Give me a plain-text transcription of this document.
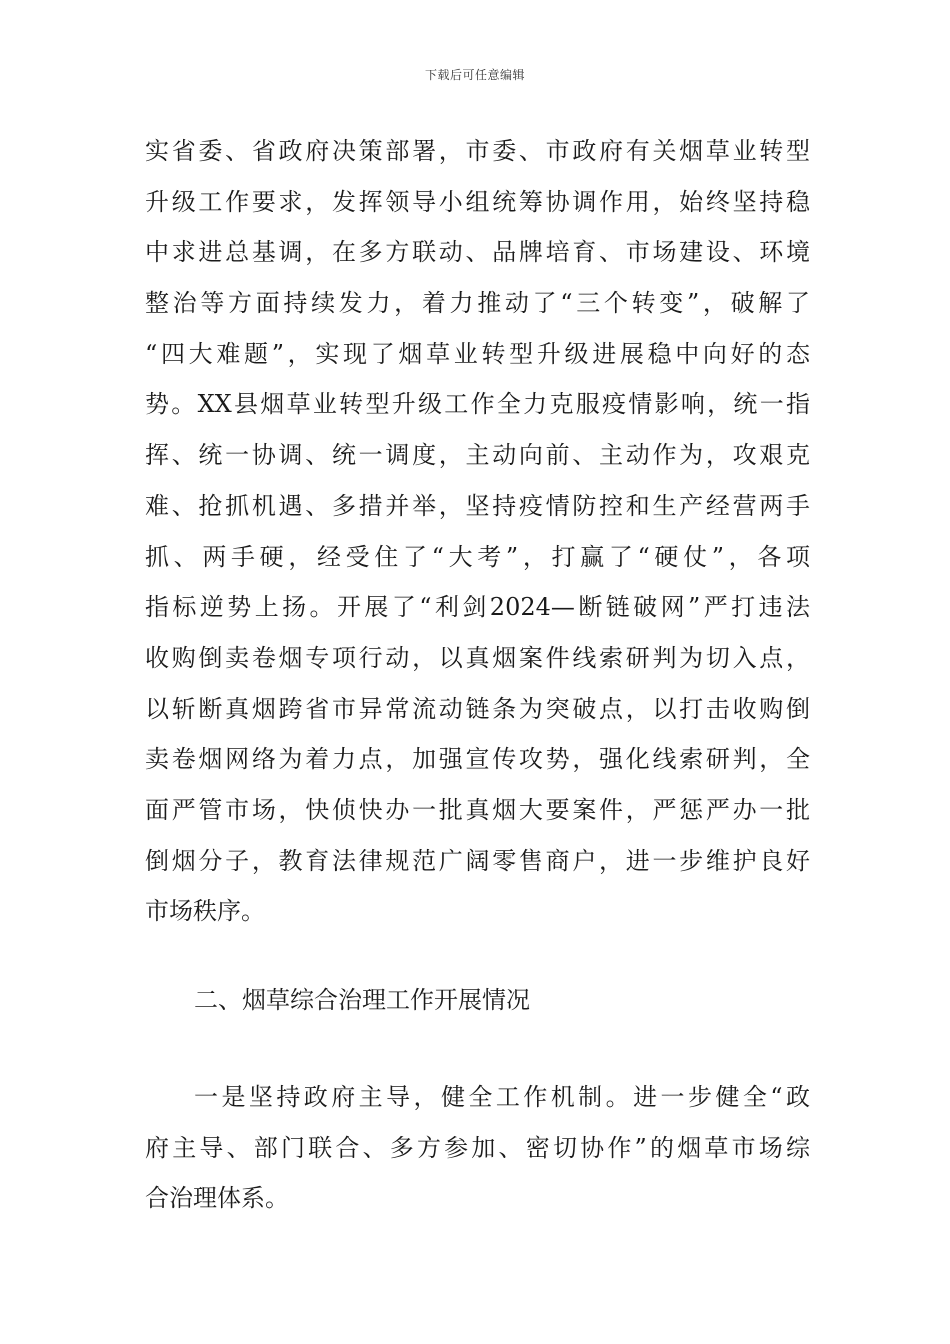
下载后可任意编辑
实省委、省政府决策部署，市委、市政府有关烟草业转型
升级工作要求，发挥领导小组统筹协调作用，始终坚持稳
中求进总基调，在多方联动、品牌培育、市场建设、环境
整治等方面持续发力，着力推动了“三个转变”，破解了
“四大难题”，实现了烟草业转型升级进展稳中向好的态
势。XX县烟草业转型升级工作全力克服疫情影响，统一指
挥、统一协调、统一调度，主动向前、主动作为，攻艰克
难、抢抓机遇、多措并举，坚持疫情防控和生产经营两手
抓、两手硬，经受住了“大考”，打赢了“硬仗”，各项
指标逆势上扬。开展了“利剑2024—断链破网”严打违法
收购倒卖卷烟专项行动，以真烟案件线索研判为切入点，
以斩断真烟跨省市异常流动链条为突破点，以打击收购倒
卖卷烟网络为着力点，加强宣传攻势，强化线索研判，全
面严管市场，快侦快办一批真烟大要案件，严惩严办一批
倒烟分子，教育法律规范广阔零售商户，进一步维护良好
市场秩序。
二、烟草综合治理工作开展情况
一是坚持政府主导，健全工作机制。进一步健全“政
府主导、部门联合、多方参加、密切协作”的烟草市场综
合治理体系。
